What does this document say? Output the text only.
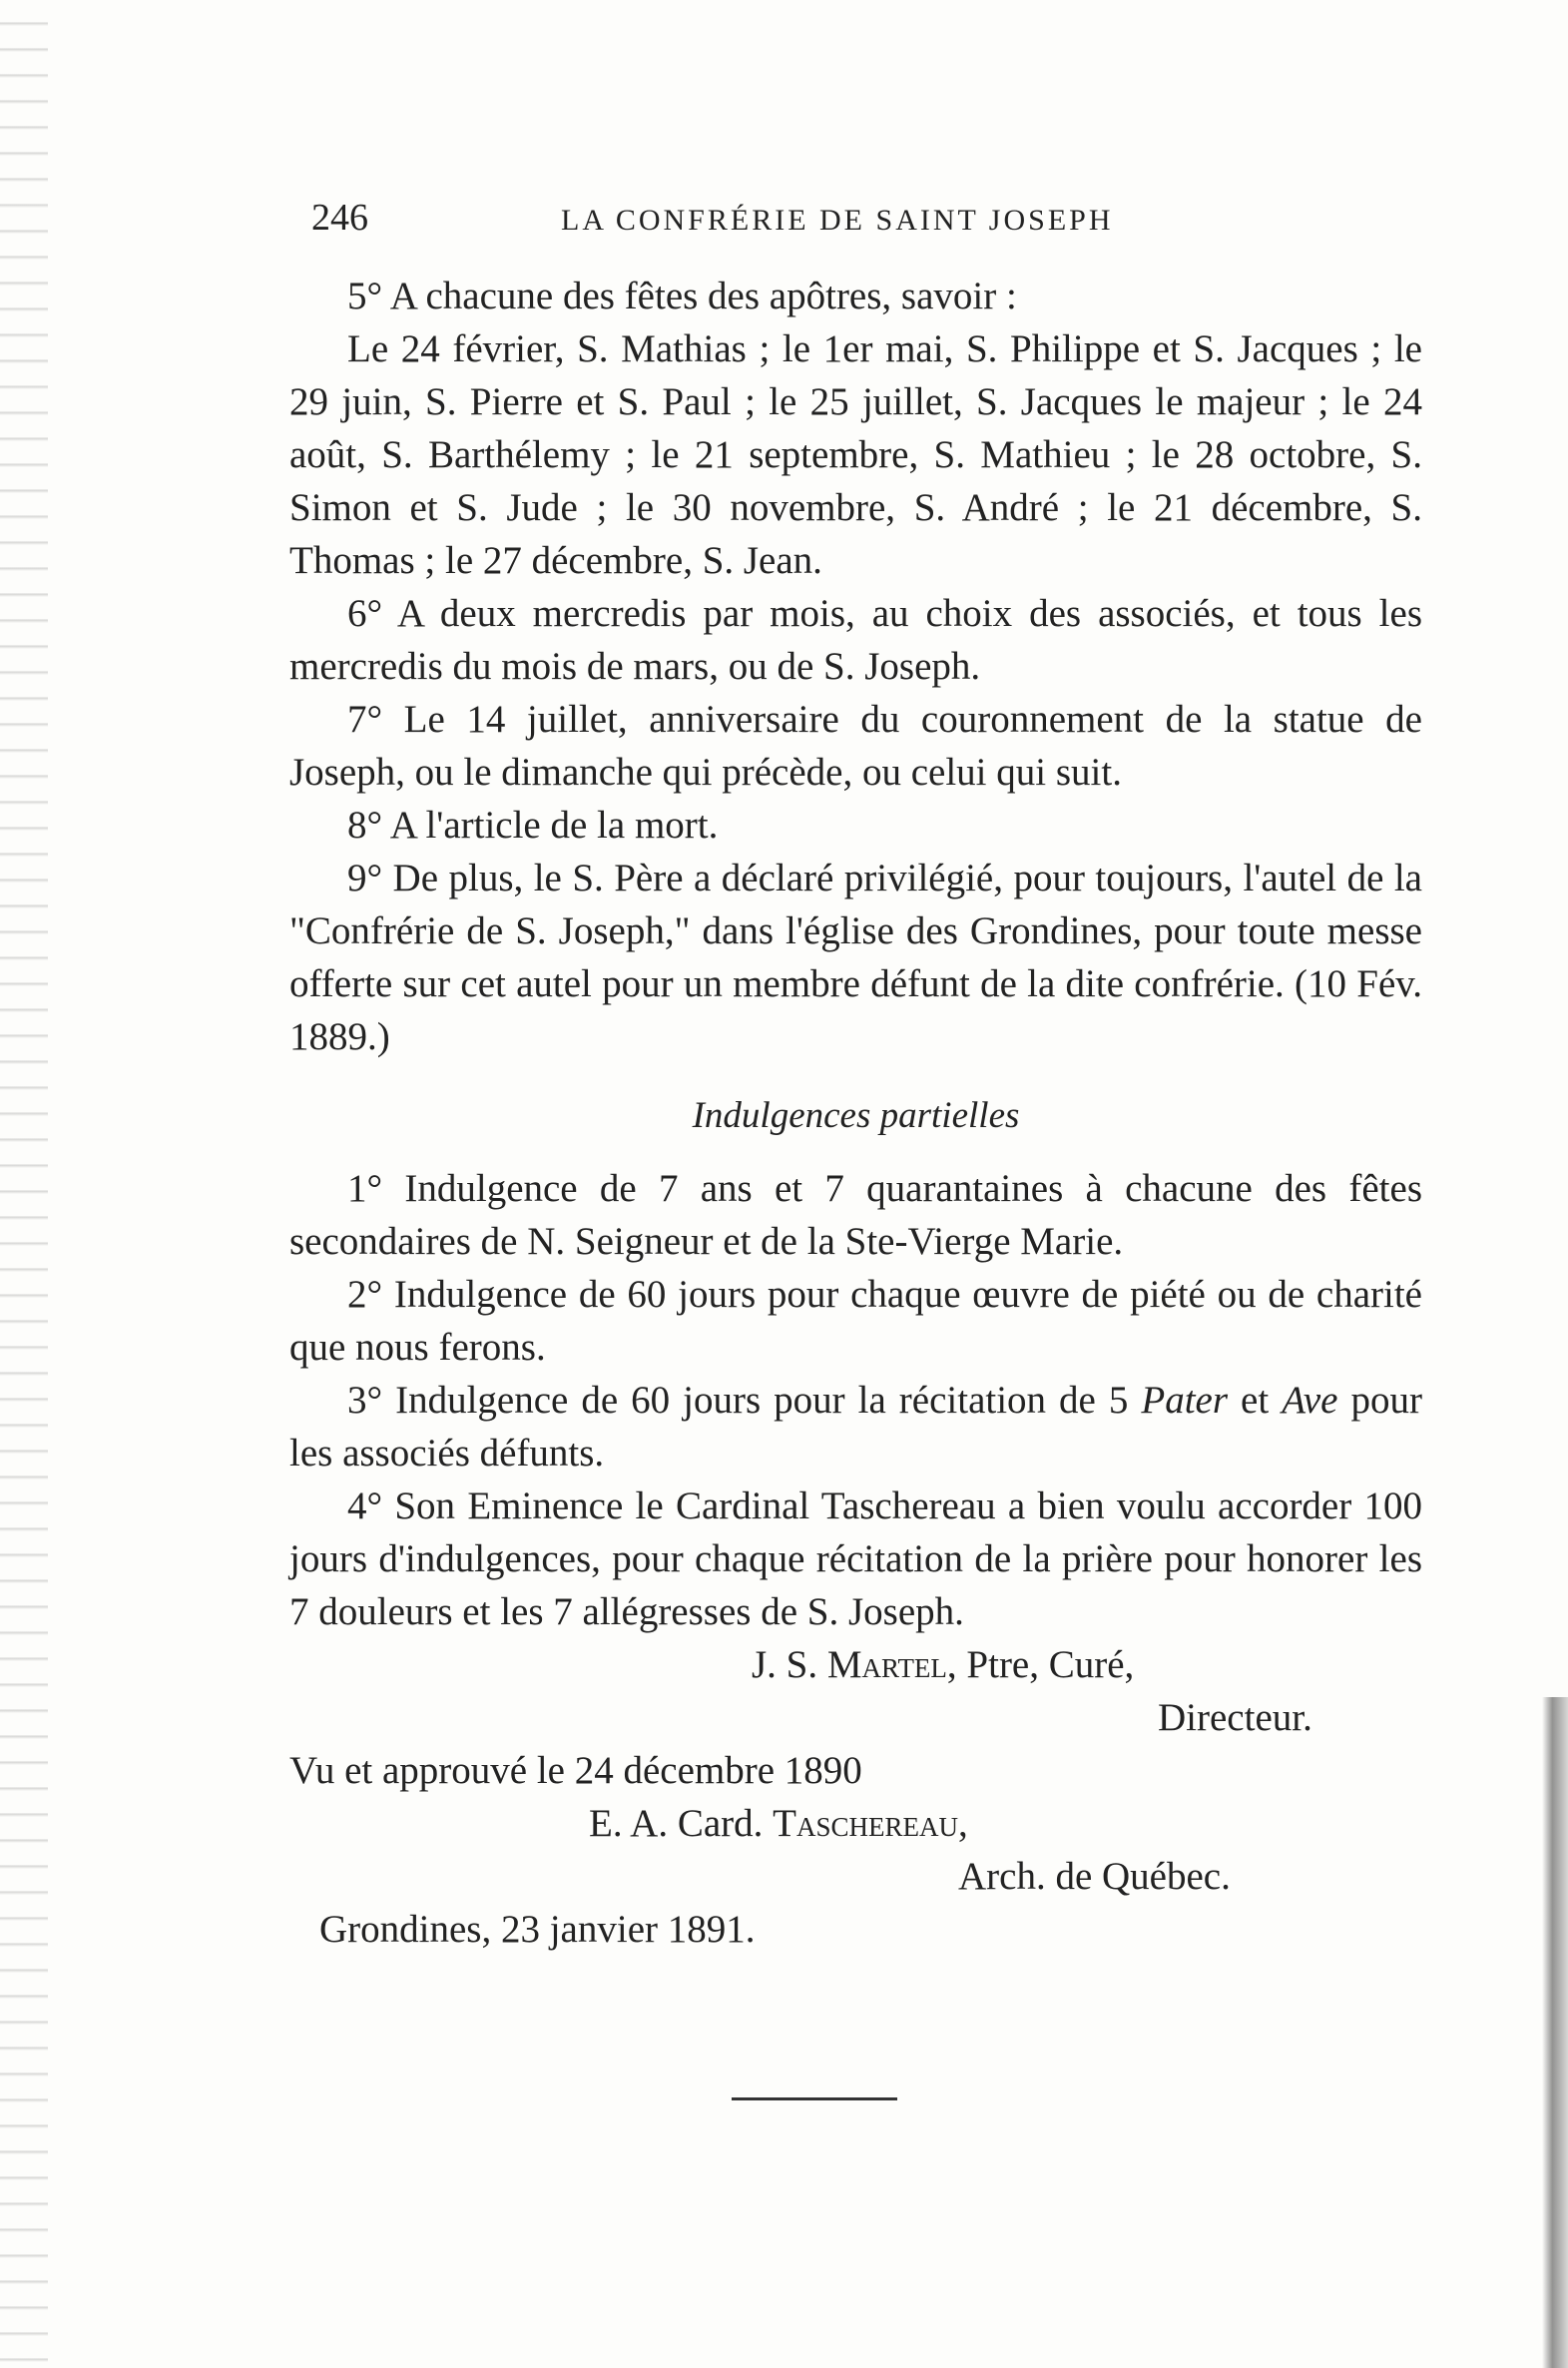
246	LA CONFRÉRIE DE SAINT JOSEPH

5° A chacune des fêtes des apôtres, savoir :

Le 24 février, S. Mathias ; le 1er mai, S. Philippe et S. Jacques ; le 29 juin, S. Pierre et S. Paul ; le 25 juillet, S. Jacques le majeur ; le 24 août, S. Barthélemy ; le 21 septembre, S. Mathieu ; le 28 octobre, S. Simon et S. Jude ; le 30 novembre, S. André ; le 21 décembre, S. Thomas ; le 27 décembre, S. Jean.

6° A deux mercredis par mois, au choix des associés, et tous les mercredis du mois de mars, ou de S. Joseph.

7° Le 14 juillet, anniversaire du couronnement de la statue de Joseph, ou le dimanche qui précède, ou celui qui suit.

8° A l'article de la mort.

9° De plus, le S. Père a déclaré privilégié, pour toujours, l'autel de la "Confrérie de S. Joseph," dans l'église des Grondines, pour toute messe offerte sur cet autel pour un membre défunt de la dite confrérie. (10 Fév. 1889.)

Indulgences partielles

1° Indulgence de 7 ans et 7 quarantaines à chacune des fêtes secondaires de N. Seigneur et de la Ste-Vierge Marie.

2° Indulgence de 60 jours pour chaque œuvre de piété ou de charité que nous ferons.

3° Indulgence de 60 jours pour la récitation de 5 Pater et Ave pour les associés défunts.

4° Son Eminence le Cardinal Taschereau a bien voulu accorder 100 jours d'indulgences, pour chaque récitation de la prière pour honorer les 7 douleurs et les 7 allégresses de S. Joseph.

J. S. Martel, Ptre, Curé,

Directeur.

Vu et approuvé le 24 décembre 1890

E. A. Card. Taschereau,

Arch. de Québec.

Grondines, 23 janvier 1891.
